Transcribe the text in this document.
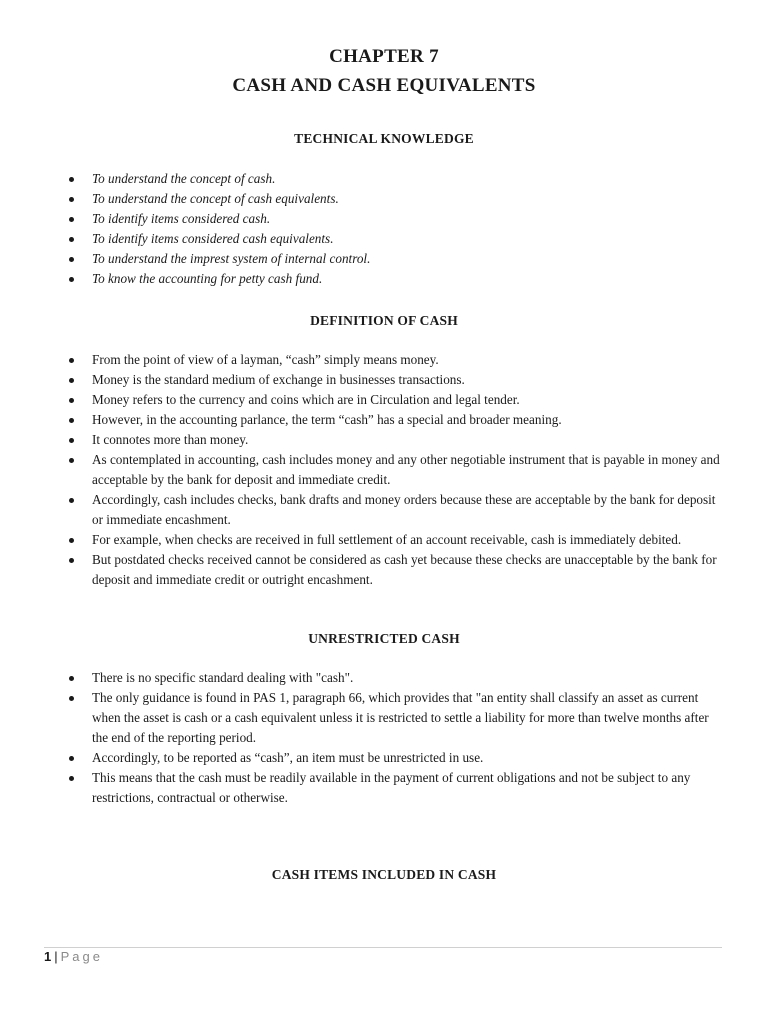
CHAPTER 7
CASH AND CASH EQUIVALENTS
TECHNICAL KNOWLEDGE
To understand the concept of cash.
To understand the concept of cash equivalents.
To identify items considered cash.
To identify items considered cash equivalents.
To understand the imprest system of internal control.
To know the accounting for petty cash fund.
DEFINITION OF CASH
From the point of view of a layman, “cash” simply means money.
Money is the standard medium of exchange in businesses transactions.
Money refers to the currency and coins which are in Circulation and legal tender.
However, in the accounting parlance, the term “cash” has a special and broader meaning.
It connotes more than money.
As contemplated in accounting, cash includes money and any other negotiable instrument that is payable in money and acceptable by the bank for deposit and immediate credit.
Accordingly, cash includes checks, bank drafts and money orders because these are acceptable by the bank for deposit or immediate encashment.
For example, when checks are received in full settlement of an account receivable, cash is immediately debited.
But postdated checks received cannot be considered as cash yet because these checks are unacceptable by the bank for deposit and immediate credit or outright encashment.
UNRESTRICTED CASH
There is no specific standard dealing with "cash".
The only guidance is found in PAS 1, paragraph 66, which provides that "an entity shall classify an asset as current when the asset is cash or a cash equivalent unless it is restricted to settle a liability for more than twelve months after the end of the reporting period.
Accordingly, to be reported as “cash”, an item must be unrestricted in use.
This means that the cash must be readily available in the payment of current obligations and not be subject to any restrictions, contractual or otherwise.
CASH ITEMS INCLUDED IN CASH
1 | Page
